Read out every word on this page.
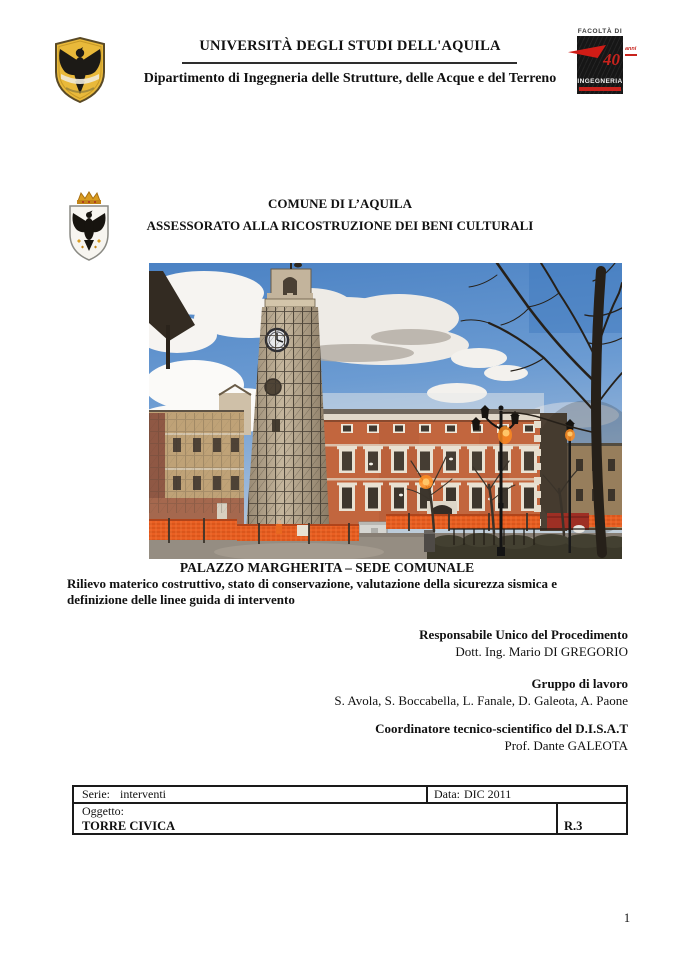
UNIVERSITÀ DEGLI STUDI DELL'AQUILA
Dipartimento di Ingegneria delle Strutture, delle Acque e del Terreno
FACOLTÀ DI
40
INGEGNERIA
anni
COMUNE DI L’AQUILA
ASSESSORATO ALLA RICOSTRUZIONE DEI BENI CULTURALI
PALAZZO MARGHERITA – SEDE COMUNALE
Rilievo materico costruttivo, stato di conservazione, valutazione della sicurezza sismica e
definizione delle linee guida di intervento
Responsabile Unico del Procedimento
Dott. Ing. Mario DI GREGORIO
Gruppo di lavoro
S. Avola, S. Boccabella, L. Fanale, D. Galeota, A. Paone
Coordinatore tecnico-scientifico del D.I.S.A.T
Prof. Dante GALEOTA
Serie: interventi	Data: DIC 2011
Oggetto:
TORRE CIVICA	R.3
1
